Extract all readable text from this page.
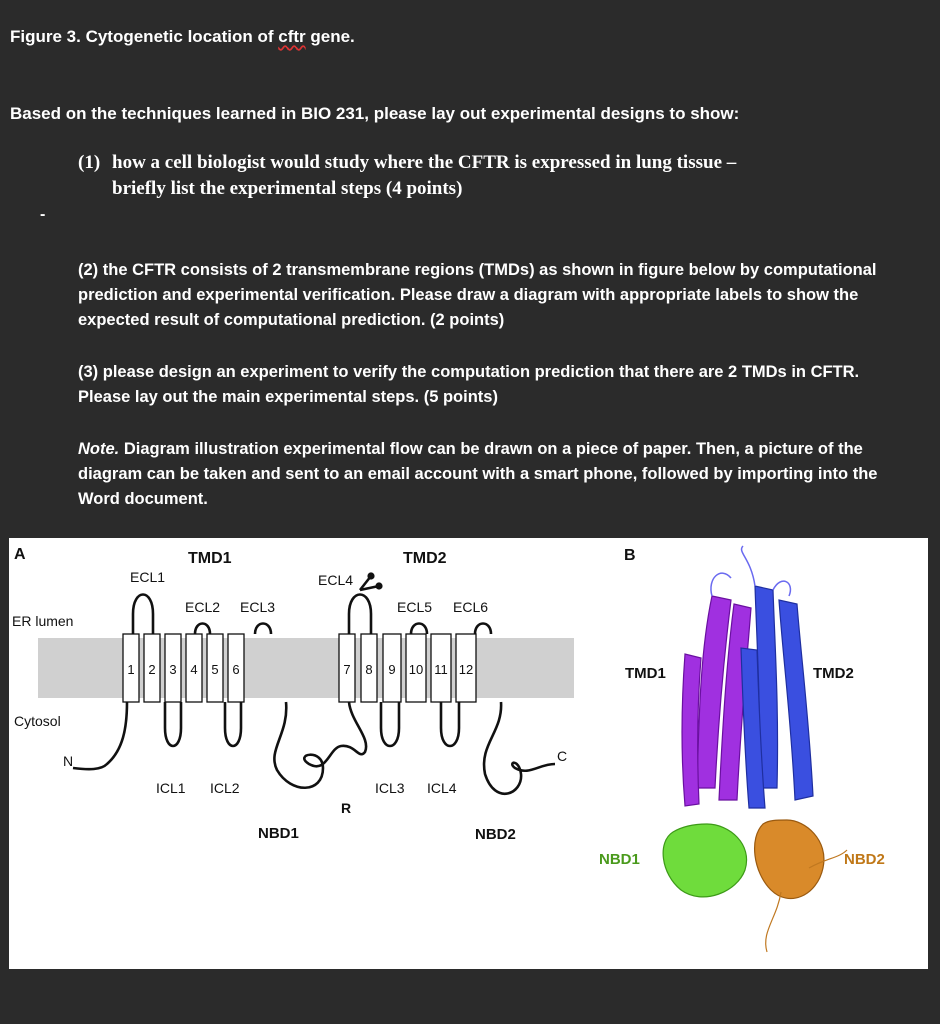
Figure 3. Cytogenetic location of cftr gene.
Based on the techniques learned in BIO 231, please lay out experimental designs to show:
(1) how a cell biologist would study where the CFTR is expressed in lung tissue –
briefly list the experimental steps (4 points)
-
(2) the CFTR consists of 2 transmembrane regions (TMDs) as shown in figure below by computational prediction and experimental verification. Please draw a diagram with appropriate labels to show the expected result of computational prediction. (2 points)
(3) please design an experiment to verify the computation prediction that there are 2 TMDs in CFTR. Please lay out the main experimental steps. (5 points)
Note. Diagram illustration experimental flow can be drawn on a piece of paper. Then, a picture of the diagram can be taken and sent to an email account with a smart phone, followed by importing into the Word document.
A	TMD1	TMD2
ER lumen
Cytosol
1 2 3 4 5 6	7 8 9 10 11 12
ECL1
ECL2 ECL3
ECL4
ECL5 ECL6
ICL1 ICL2	ICL3 ICL4
N	C
R
NBD1	NBD2
B
TMD1	TMD2
NBD1	NBD2
